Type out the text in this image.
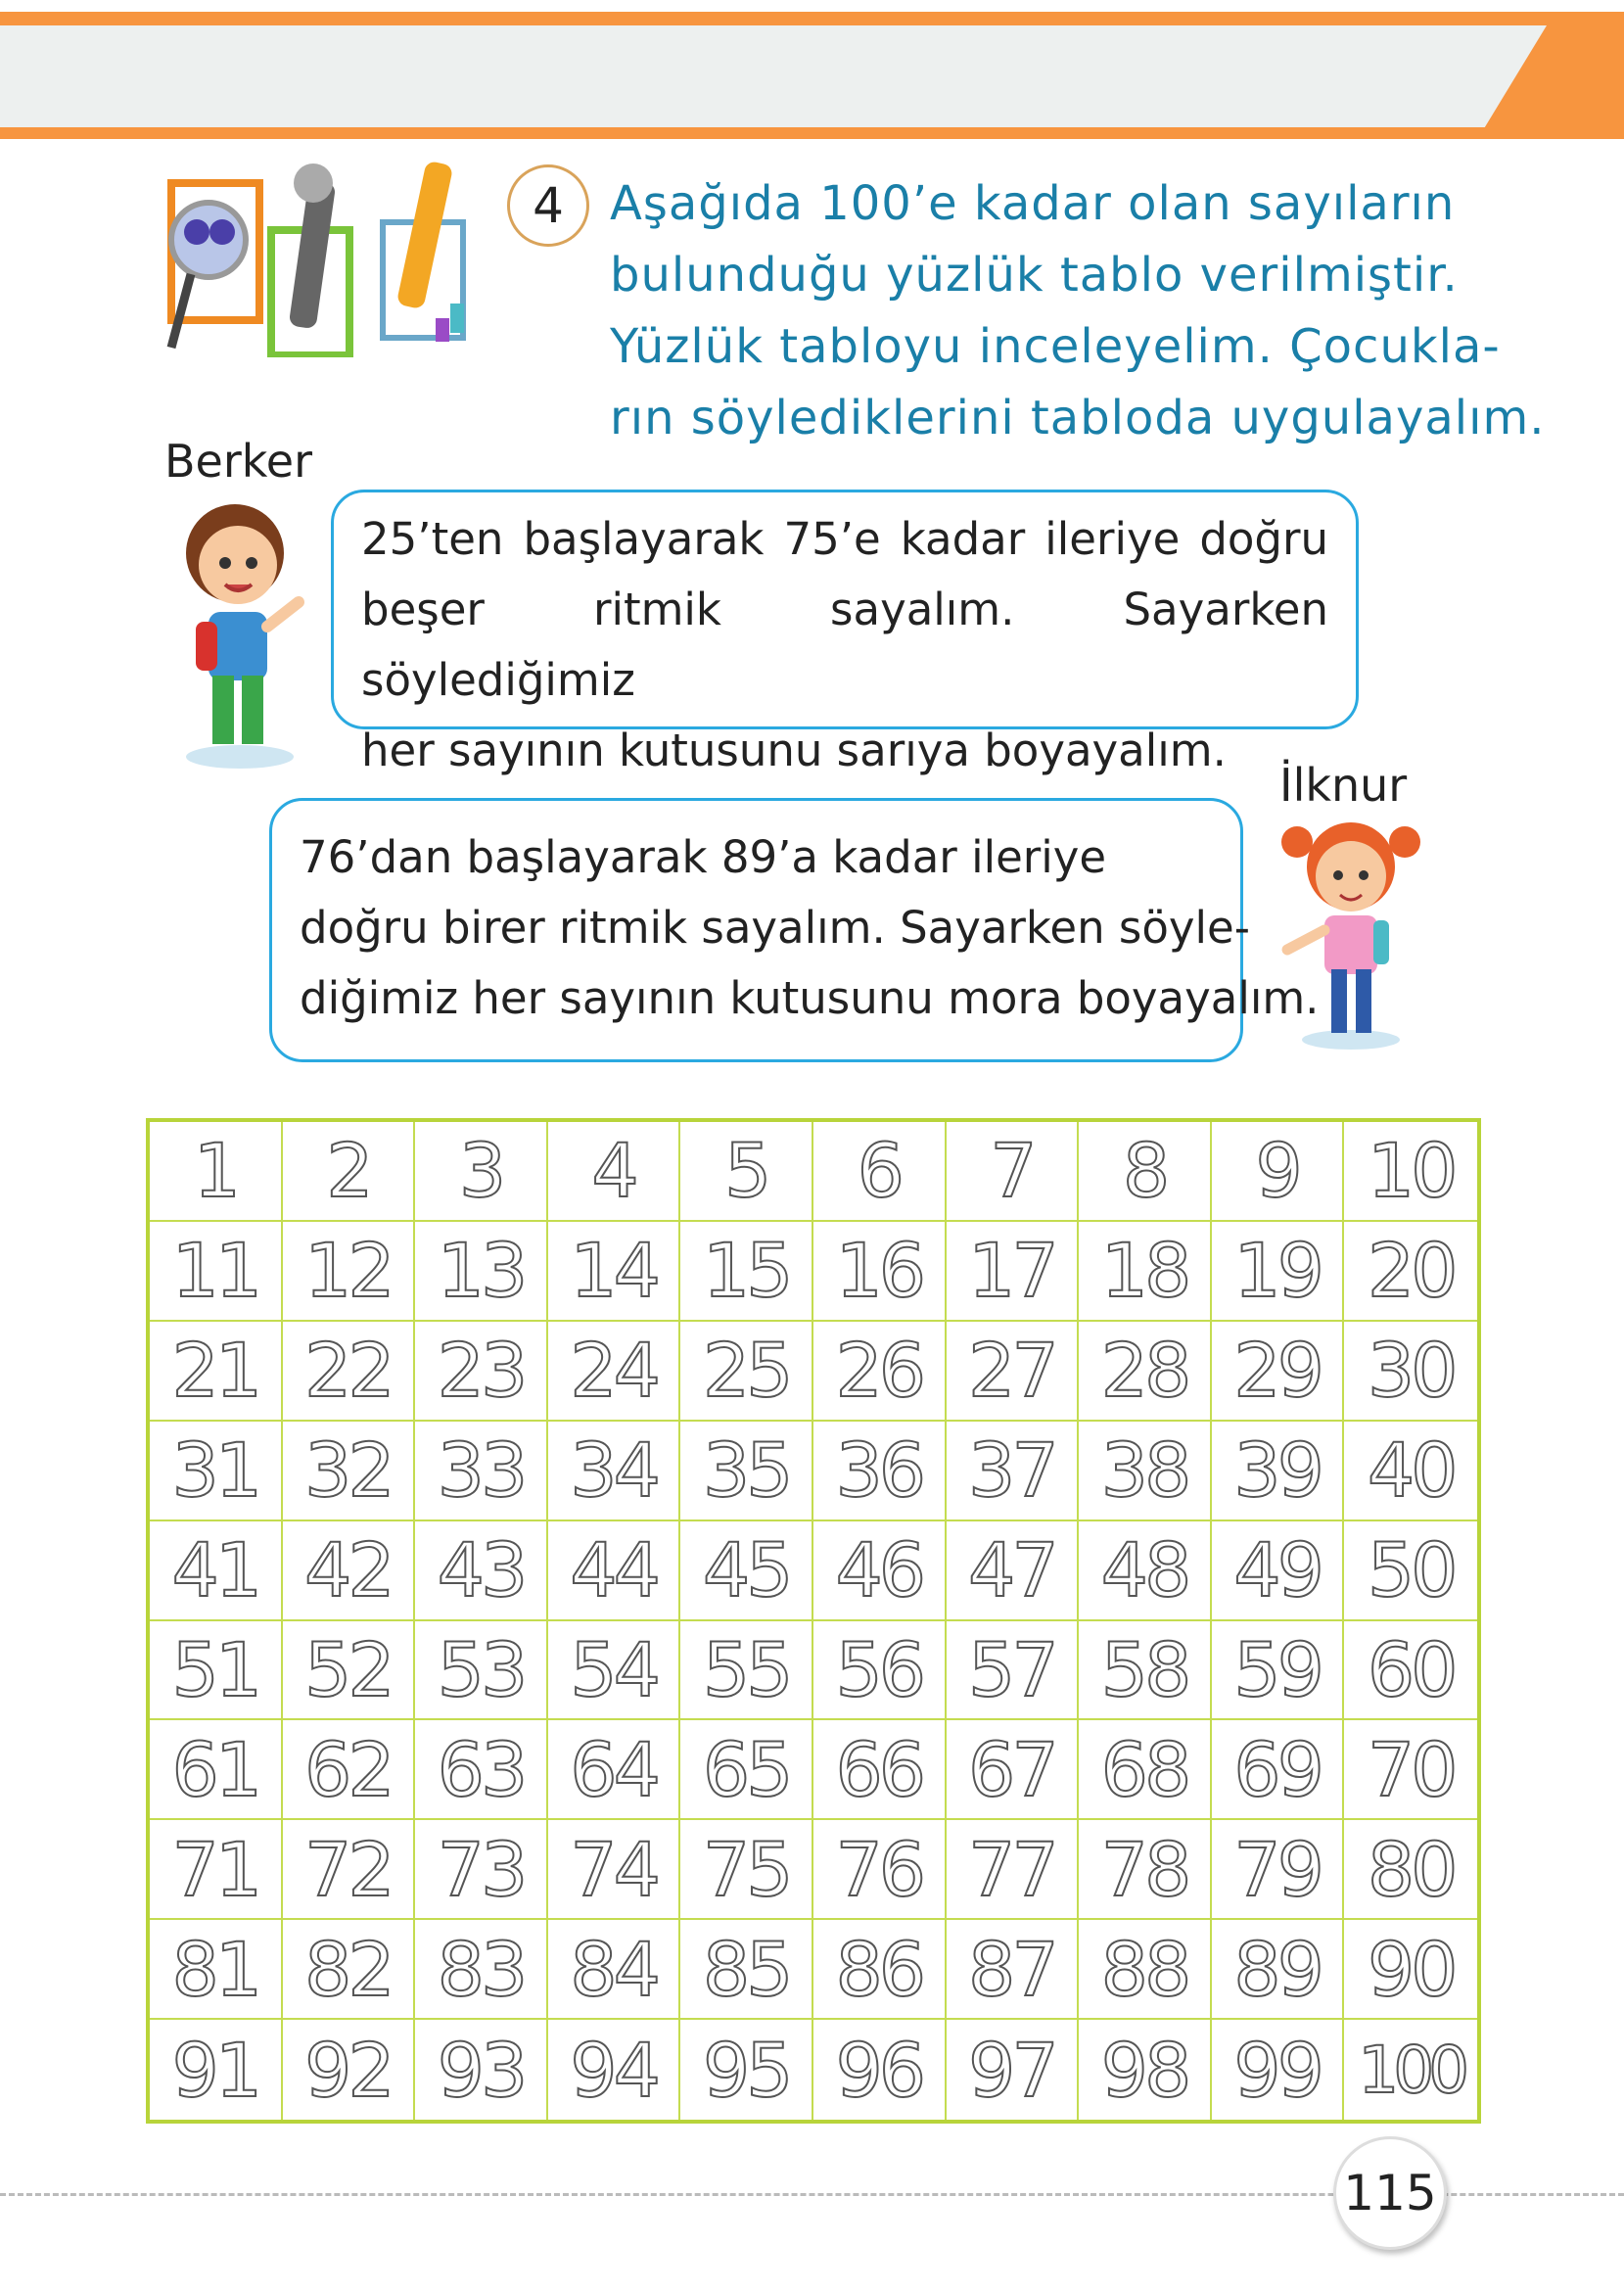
4 Aşağıda 100’e kadar olan sayıların
bulunduğu yüzlük tablo verilmiştir.
Yüzlük tabloyu inceleyelim. Çocukla-
rın söylediklerini tabloda uygulayalım.
Berker
25’ten başlayarak 75’e kadar ileriye doğru
beşer ritmik sayalım. Sayarken söylediğimiz
her sayının kutusunu sarıya boyayalım.
İlknur
76’dan başlayarak 89’a kadar ileriye
doğru birer ritmik sayalım. Sayarken söyle-
diğimiz her sayının kutusunu mora boyayalım.
1	2	3	4	5	6	7	8	9 10
11 12 13 14 15 16 17 18 19 20
21 22 23 24 25 26 27 28 29 30
31 32 33 34 35 36 37 38 39 40
41 42 43 44 45 46 47 48 49 50
51 52 53 54 55 56 57 58 59 60
61 62 63 64 65 66 67 68 69 70
71 72 73 74 75 76 77 78 79 80
81 82 83 84 85 86 87 88 89 90
91 92 93 94 95 96 97 98 99 100
115
